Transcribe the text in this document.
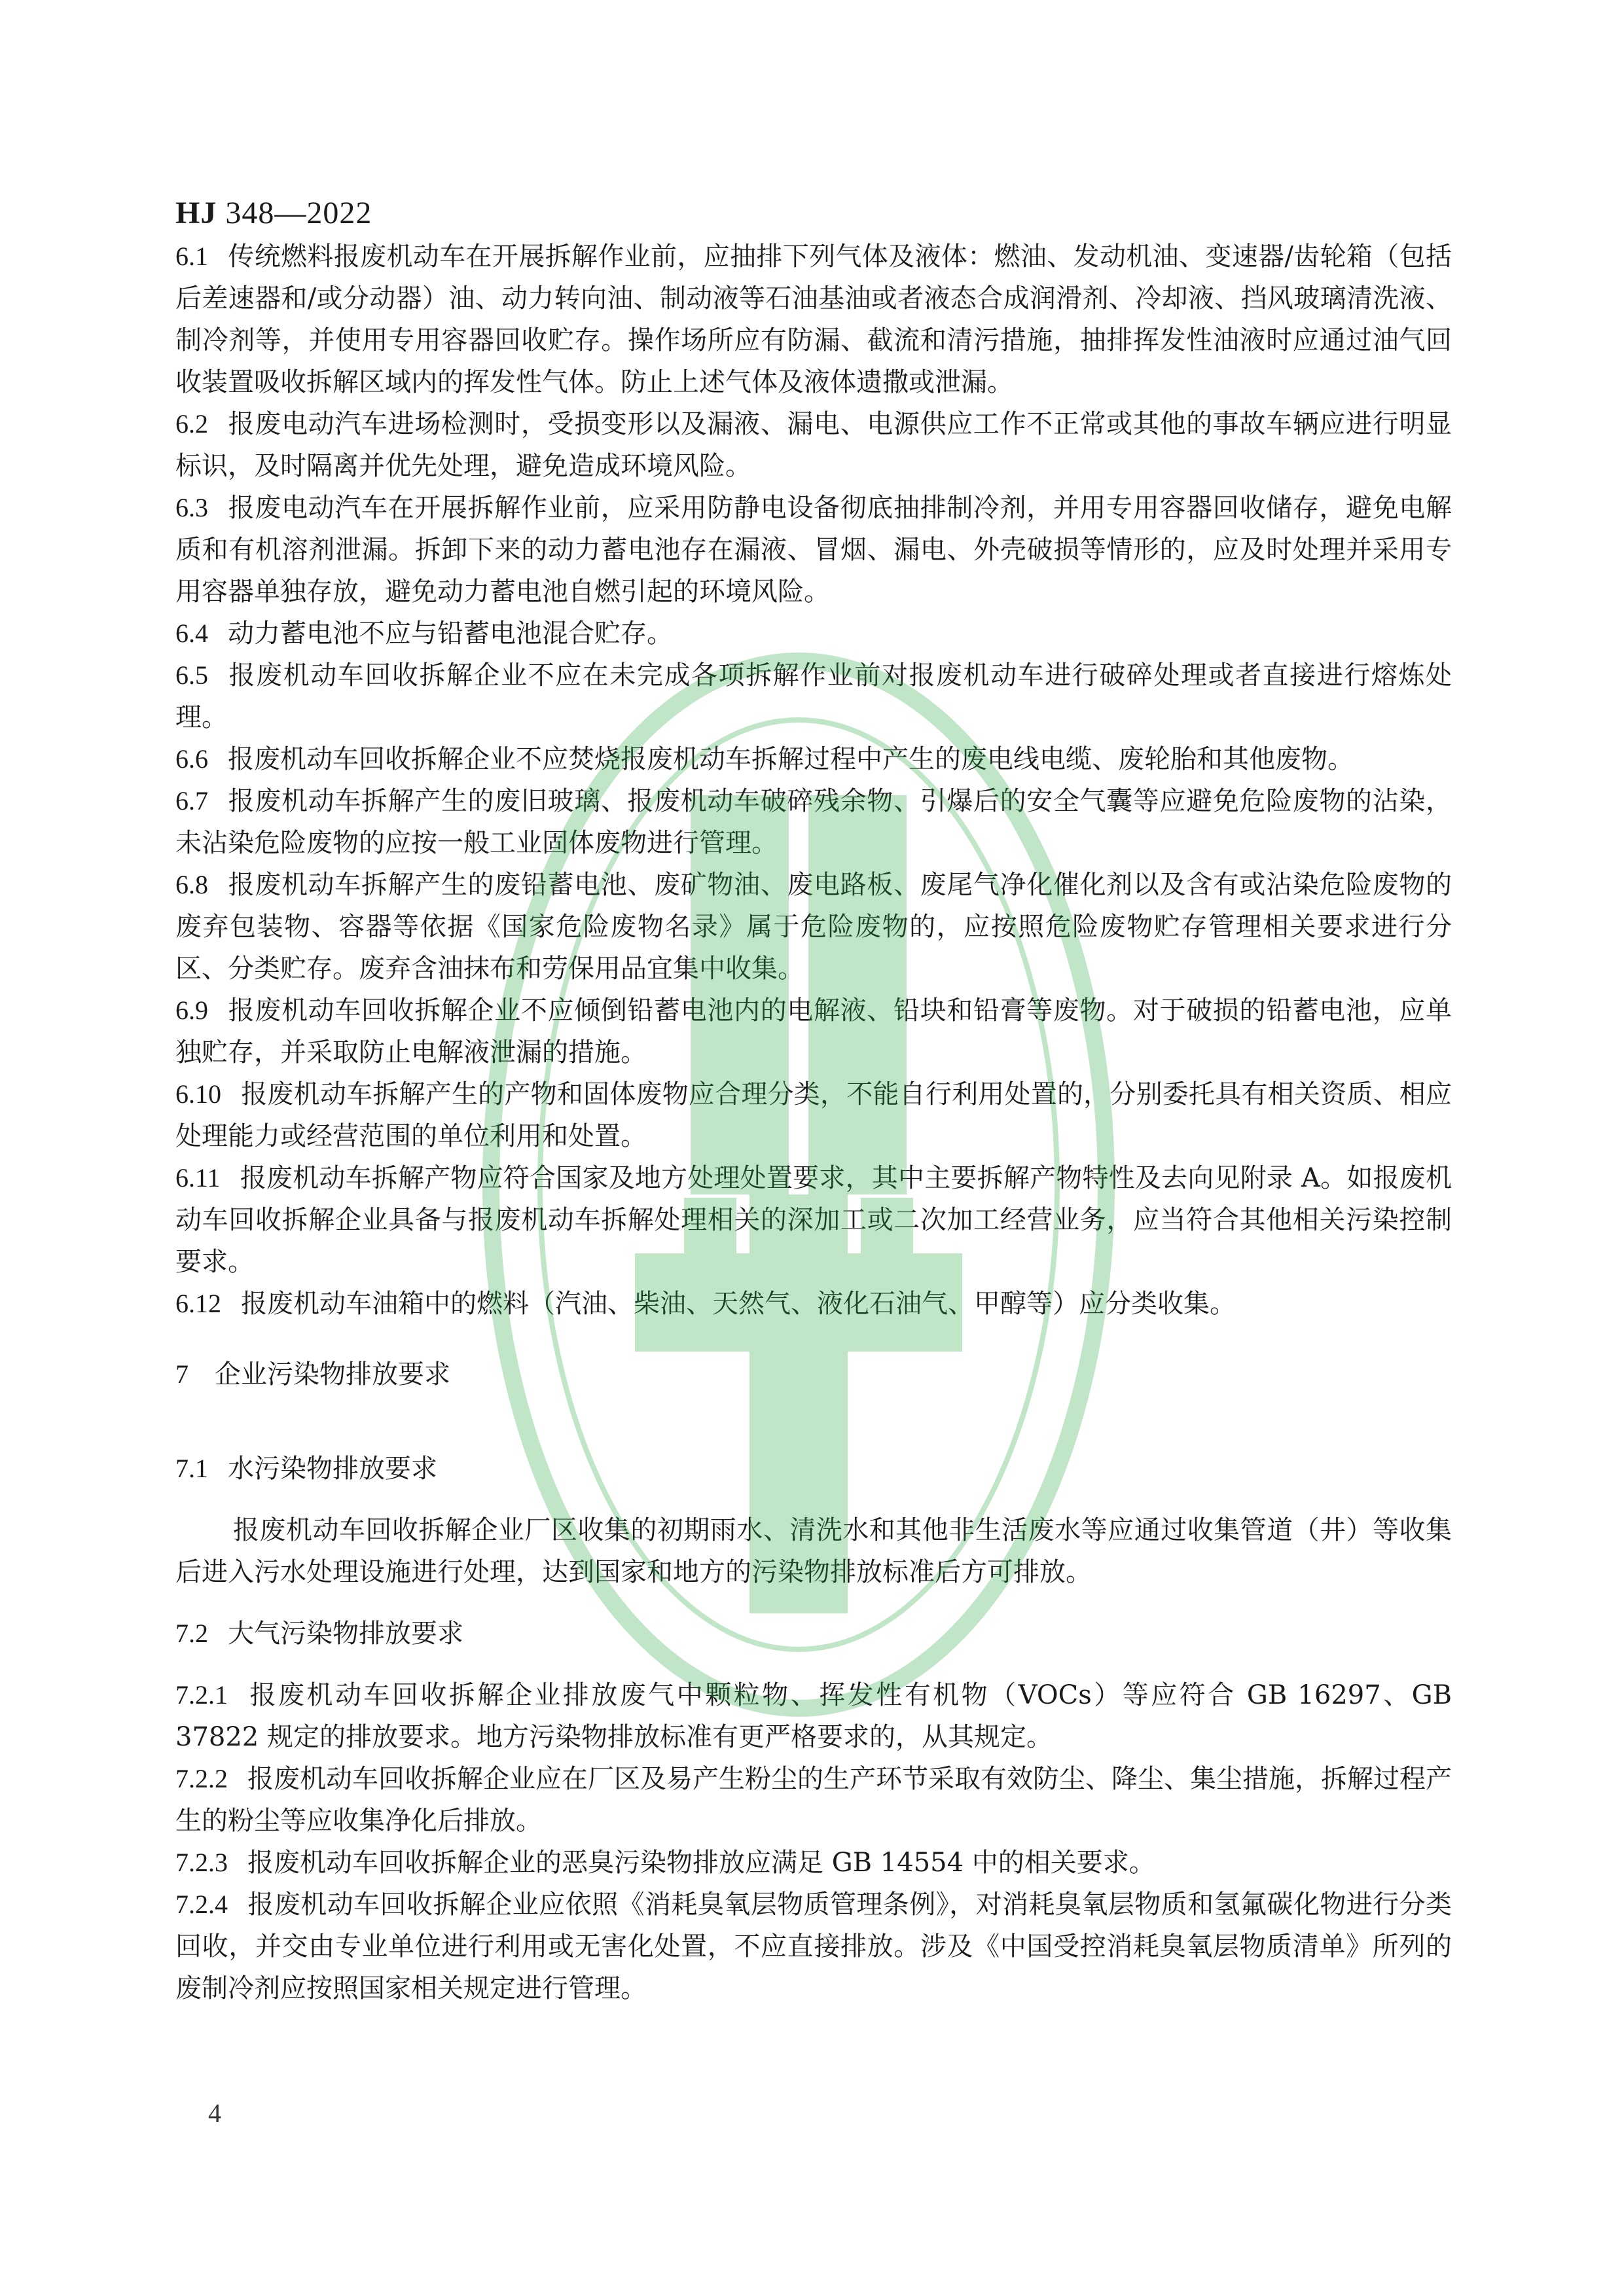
HJ 348—2022

6.1 传统燃料报废机动车在开展拆解作业前，应抽排下列气体及液体：燃油、发动机油、变速器/齿轮箱（包括后差速器和/或分动器）油、动力转向油、制动液等石油基油或者液态合成润滑剂、冷却液、挡风玻璃清洗液、制冷剂等，并使用专用容器回收贮存。操作场所应有防漏、截流和清污措施，抽排挥发性油液时应通过油气回收装置吸收拆解区域内的挥发性气体。防止上述气体及液体遗撒或泄漏。

6.2 报废电动汽车进场检测时，受损变形以及漏液、漏电、电源供应工作不正常或其他的事故车辆应进行明显标识，及时隔离并优先处理，避免造成环境风险。

6.3 报废电动汽车在开展拆解作业前，应采用防静电设备彻底抽排制冷剂，并用专用容器回收储存，避免电解质和有机溶剂泄漏。拆卸下来的动力蓄电池存在漏液、冒烟、漏电、外壳破损等情形的，应及时处理并采用专用容器单独存放，避免动力蓄电池自燃引起的环境风险。

6.4 动力蓄电池不应与铅蓄电池混合贮存。

6.5 报废机动车回收拆解企业不应在未完成各项拆解作业前对报废机动车进行破碎处理或者直接进行熔炼处理。

6.6 报废机动车回收拆解企业不应焚烧报废机动车拆解过程中产生的废电线电缆、废轮胎和其他废物。

6.7 报废机动车拆解产生的废旧玻璃、报废机动车破碎残余物、引爆后的安全气囊等应避免危险废物的沾染，未沾染危险废物的应按一般工业固体废物进行管理。

6.8 报废机动车拆解产生的废铅蓄电池、废矿物油、废电路板、废尾气净化催化剂以及含有或沾染危险废物的废弃包装物、容器等依据《国家危险废物名录》属于危险废物的，应按照危险废物贮存管理相关要求进行分区、分类贮存。废弃含油抹布和劳保用品宜集中收集。

6.9 报废机动车回收拆解企业不应倾倒铅蓄电池内的电解液、铅块和铅膏等废物。对于破损的铅蓄电池，应单独贮存，并采取防止电解液泄漏的措施。

6.10 报废机动车拆解产生的产物和固体废物应合理分类，不能自行利用处置的，分别委托具有相关资质、相应处理能力或经营范围的单位利用和处置。

6.11 报废机动车拆解产物应符合国家及地方处理处置要求，其中主要拆解产物特性及去向见附录 A。如报废机动车回收拆解企业具备与报废机动车拆解处理相关的深加工或二次加工经营业务，应当符合其他相关污染控制要求。

6.12 报废机动车油箱中的燃料（汽油、柴油、天然气、液化石油气、甲醇等）应分类收集。

7 企业污染物排放要求

7.1 水污染物排放要求

报废机动车回收拆解企业厂区收集的初期雨水、清洗水和其他非生活废水等应通过收集管道（井）等收集后进入污水处理设施进行处理，达到国家和地方的污染物排放标准后方可排放。

7.2 大气污染物排放要求

7.2.1 报废机动车回收拆解企业排放废气中颗粒物、挥发性有机物（VOCs）等应符合 GB 16297、GB 37822 规定的排放要求。地方污染物排放标准有更严格要求的，从其规定。

7.2.2 报废机动车回收拆解企业应在厂区及易产生粉尘的生产环节采取有效防尘、降尘、集尘措施，拆解过程产生的粉尘等应收集净化后排放。

7.2.3 报废机动车回收拆解企业的恶臭污染物排放应满足 GB 14554 中的相关要求。

7.2.4 报废机动车回收拆解企业应依照《消耗臭氧层物质管理条例》，对消耗臭氧层物质和氢氟碳化物进行分类回收，并交由专业单位进行利用或无害化处置，不应直接排放。涉及《中国受控消耗臭氧层物质清单》所列的废制冷剂应按照国家相关规定进行管理。

4
